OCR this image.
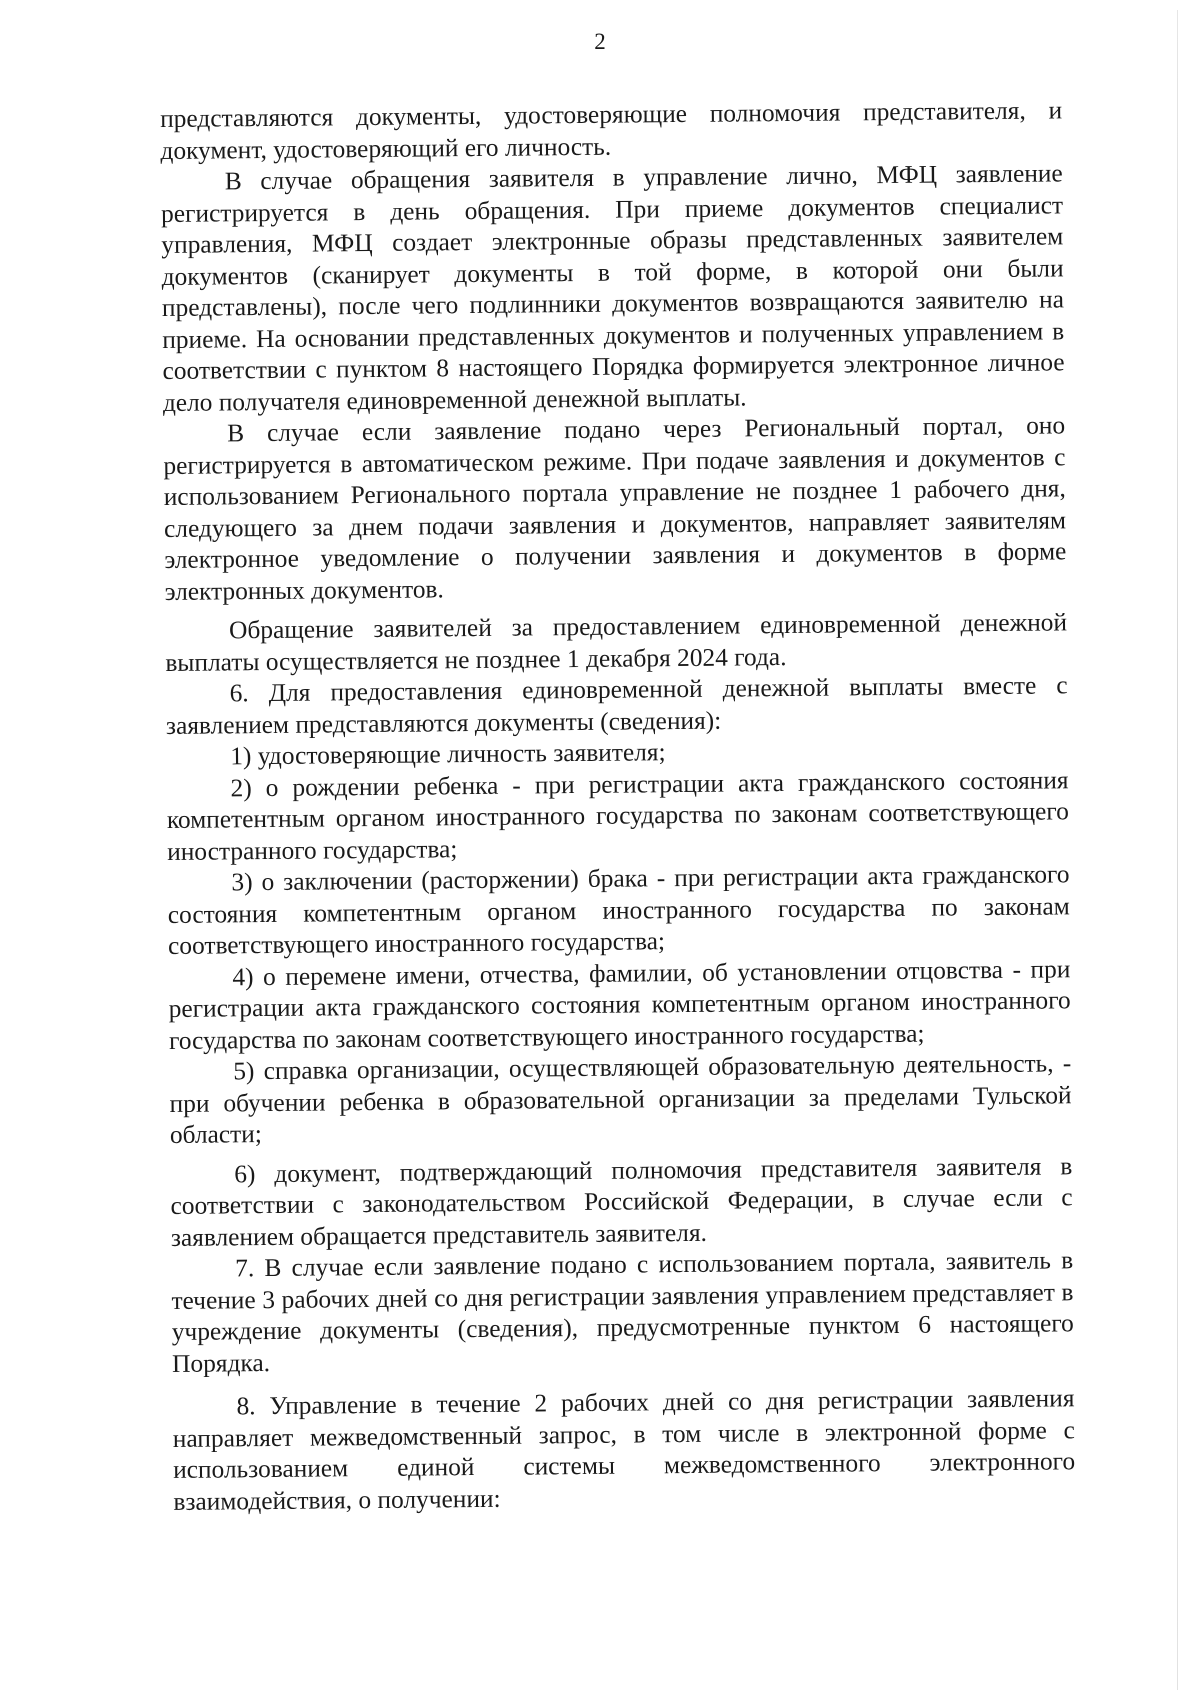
2

представляются документы, удостоверяющие полномочия представителя, и документ, удостоверяющий его личность.

В случае обращения заявителя в управление лично, МФЦ заявление регистрируется в день обращения. При приеме документов специалист управления, МФЦ создает электронные образы представленных заявителем документов (сканирует документы в той форме, в которой они были представлены), после чего подлинники документов возвращаются заявителю на приеме. На основании представленных документов и полученных управлением в соответствии с пунктом 8 настоящего Порядка формируется электронное личное дело получателя единовременной денежной выплаты.

В случае если заявление подано через Региональный портал, оно регистрируется в автоматическом режиме. При подаче заявления и документов с использованием Регионального портала управление не позднее 1 рабочего дня, следующего за днем подачи заявления и документов, направляет заявителям электронное уведомление о получении заявления и документов в форме электронных документов.

Обращение заявителей за предоставлением единовременной денежной выплаты осуществляется не позднее 1 декабря 2024 года.

6. Для предоставления единовременной денежной выплаты вместе с заявлением представляются документы (сведения):

1) удостоверяющие личность заявителя;

2) о рождении ребенка - при регистрации акта гражданского состояния компетентным органом иностранного государства по законам соответствующего иностранного государства;

3) о заключении (расторжении) брака - при регистрации акта гражданского состояния компетентным органом иностранного государства по законам соответствующего иностранного государства;

4) о перемене имени, отчества, фамилии, об установлении отцовства - при регистрации акта гражданского состояния компетентным органом иностранного государства по законам соответствующего иностранного государства;

5) справка организации, осуществляющей образовательную деятельность, - при обучении ребенка в образовательной организации за пределами Тульской области;

6) документ, подтверждающий полномочия представителя заявителя в соответствии с законодательством Российской Федерации, в случае если с заявлением обращается представитель заявителя.

7. В случае если заявление подано с использованием портала, заявитель в течение 3 рабочих дней со дня регистрации заявления управлением представляет в учреждение документы (сведения), предусмотренные пунктом 6 настоящего Порядка.

8. Управление в течение 2 рабочих дней со дня регистрации заявления направляет межведомственный запрос, в том числе в электронной форме с использованием единой системы межведомственного электронного взаимодействия, о получении:
